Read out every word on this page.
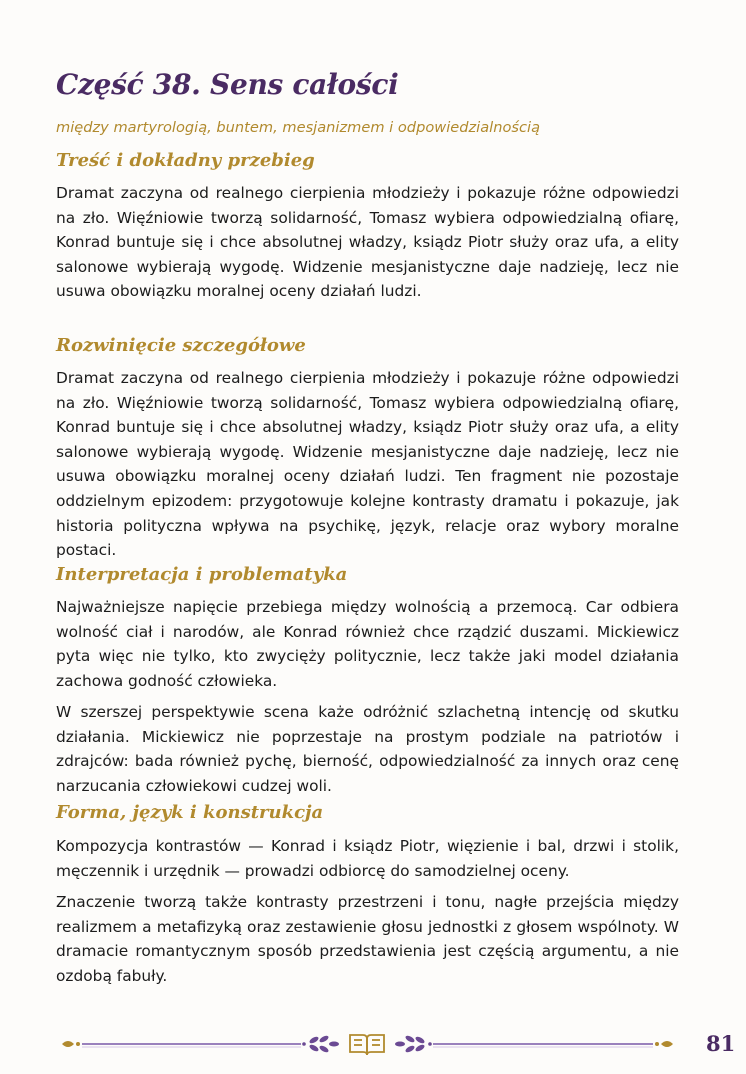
Część 38. Sens całości

między martyrologią, buntem, mesjanizmem i odpowiedzialnością

Treść i dokładny przebieg

Dramat zaczyna od realnego cierpienia młodzieży i pokazuje różne odpowiedzi na zło. Więźniowie tworzą solidarność, Tomasz wybiera odpowiedzialną ofiarę, Konrad buntuje się i chce absolutnej władzy, ksiądz Piotr służy oraz ufa, a elity salonowe wybierają wygodę. Widzenie mesjanistyczne daje nadzieję, lecz nie usuwa obowiązku moralnej oceny działań ludzi.

Rozwinięcie szczegółowe

Dramat zaczyna od realnego cierpienia młodzieży i pokazuje różne odpowiedzi na zło. Więźniowie tworzą solidarność, Tomasz wybiera odpowiedzialną ofiarę, Konrad buntuje się i chce absolutnej władzy, ksiądz Piotr służy oraz ufa, a elity salonowe wybierają wygodę. Widzenie mesjanistyczne daje nadzieję, lecz nie usuwa obowiązku moralnej oceny działań ludzi. Ten fragment nie pozostaje oddzielnym epizodem: przygotowuje kolejne kontrasty dramatu i pokazuje, jak historia polityczna wpływa na psychikę, język, relacje oraz wybory moralne postaci.

Interpretacja i problematyka

Najważniejsze napięcie przebiega między wolnością a przemocą. Car odbiera wolność ciał i narodów, ale Konrad również chce rządzić duszami. Mickiewicz pyta więc nie tylko, kto zwycięży politycznie, lecz także jaki model działania zachowa godność człowieka.

W szerszej perspektywie scena każe odróżnić szlachetną intencję od skutku działania. Mickiewicz nie poprzestaje na prostym podziale na patriotów i zdrajców: bada również pychę, bierność, odpowiedzialność za innych oraz cenę narzucania człowiekowi cudzej woli.

Forma, język i konstrukcja

Kompozycja kontrastów — Konrad i ksiądz Piotr, więzienie i bal, drzwi i stolik, męczennik i urzędnik — prowadzi odbiorcę do samodzielnej oceny.

Znaczenie tworzą także kontrasty przestrzeni i tonu, nagłe przejścia między realizmem a metafizyką oraz zestawienie głosu jednostki z głosem wspólnoty. W dramacie romantycznym sposób przedstawienia jest częścią argumentu, a nie ozdobą fabuły.

81
